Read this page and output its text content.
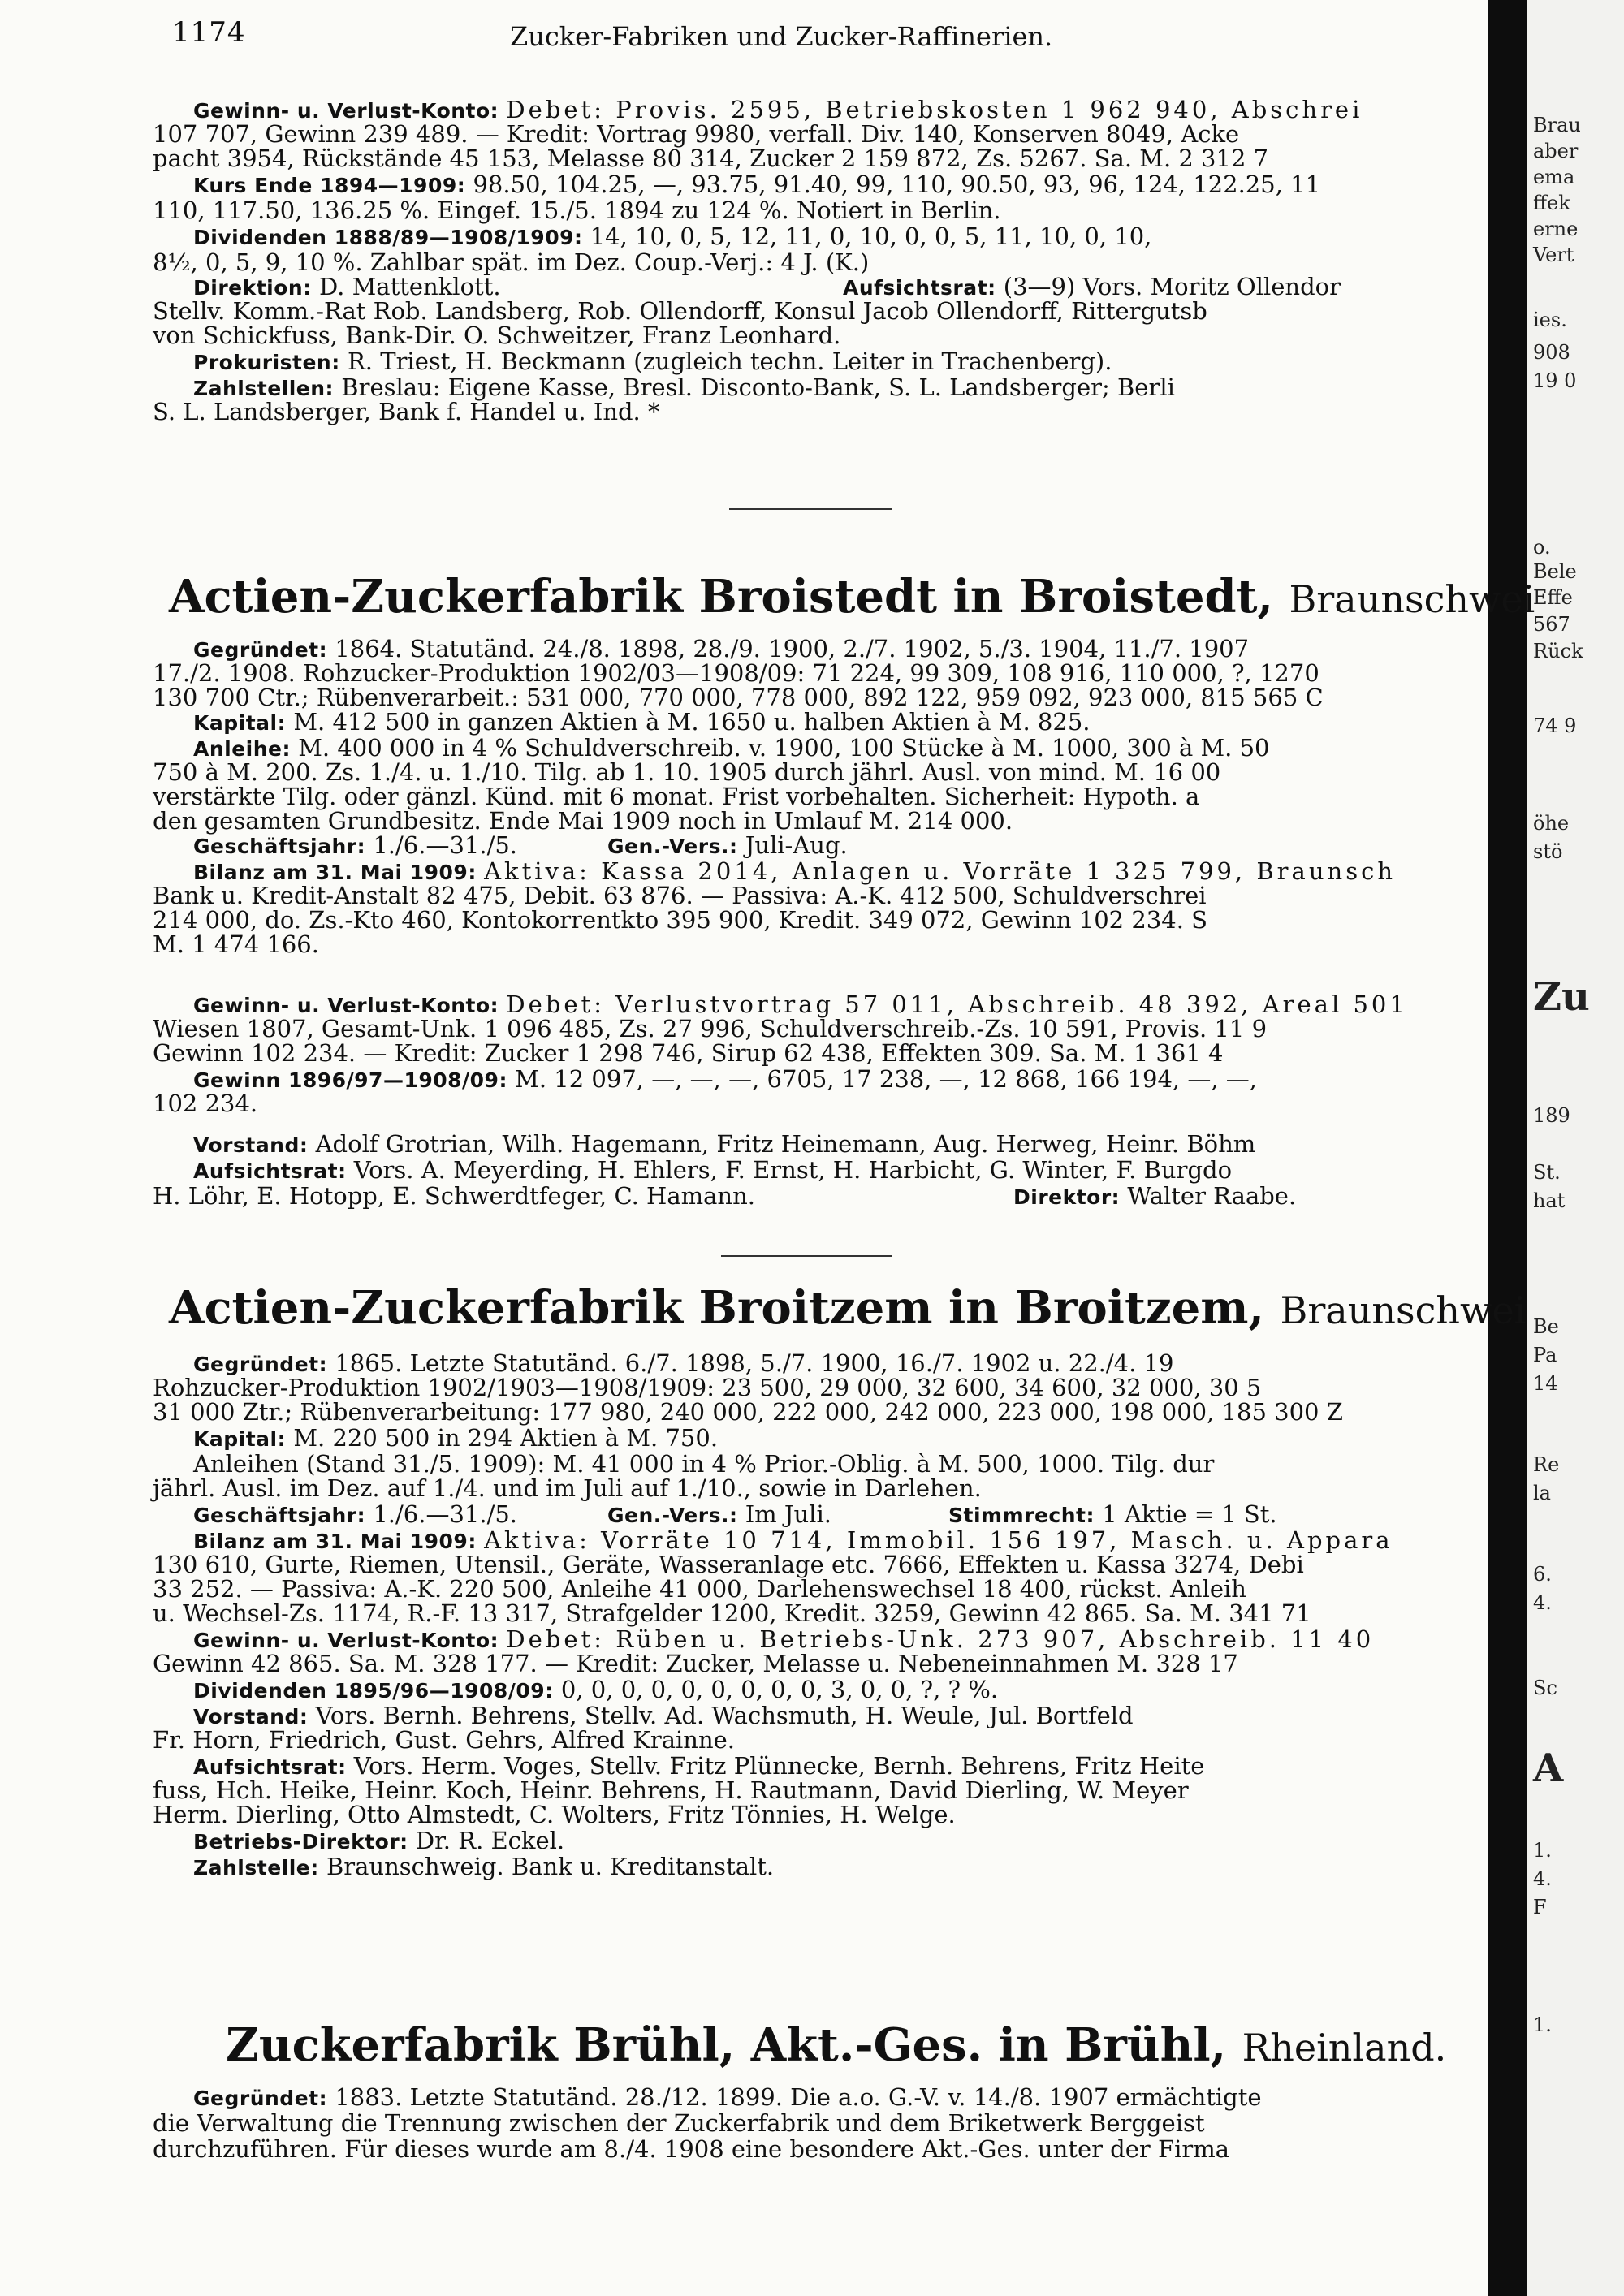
Brau
aber
ema
ffek
erne
Vert
ies.
908
19 0
o.
Bele
Effe
567
Rück
74 9
öhe
stö
Zu
189
St.
hat
Be
Pa
14
Re
la
6.
4.
Sc
A
1.
4.
F
1.
1174	Zucker-Fabriken und Zucker-Raffinerien.
Gewinn- u. Verlust-Konto: Debet: Provis. 2595, Betriebskosten 1 962 940, Abschrei
107 707, Gewinn 239 489. — Kredit: Vortrag 9980, verfall. Div. 140, Konserven 8049, Acke
pacht 3954, Rückstände 45 153, Melasse 80 314, Zucker 2 159 872, Zs. 5267. Sa. M. 2 312 7
Kurs Ende 1894—1909: 98.50, 104.25, —, 93.75, 91.40, 99, 110, 90.50, 93, 96, 124, 122.25, 11
110, 117.50, 136.25 %. Eingef. 15./5. 1894 zu 124 %. Notiert in Berlin.
Dividenden 1888/89—1908/1909: 14, 10, 0, 5, 12, 11, 0, 10, 0, 0, 5, 11, 10, 0, 10,
8½, 0, 5, 9, 10 %. Zahlbar spät. im Dez. Coup.-Verj.: 4 J. (K.)
Direktion: D. Mattenklott.	Aufsichtsrat: (3—9) Vors. Moritz Ollendor
Stellv. Komm.-Rat Rob. Landsberg, Rob. Ollendorff, Konsul Jacob Ollendorff, Rittergutsb
von Schickfuss, Bank-Dir. O. Schweitzer, Franz Leonhard.
Prokuristen: R. Triest, H. Beckmann (zugleich techn. Leiter in Trachenberg).
Zahlstellen: Breslau: Eigene Kasse, Bresl. Disconto-Bank, S. L. Landsberger; Berli
S. L. Landsberger, Bank f. Handel u. Ind. *
Actien-Zuckerfabrik Broistedt in Broistedt, Braunschwei
Gegründet: 1864. Statutänd. 24./8. 1898, 28./9. 1900, 2./7. 1902, 5./3. 1904, 11./7. 1907
17./2. 1908. Rohzucker-Produktion 1902/03—1908/09: 71 224, 99 309, 108 916, 110 000, ?, 1270
130 700 Ctr.; Rübenverarbeit.: 531 000, 770 000, 778 000, 892 122, 959 092, 923 000, 815 565 C
Kapital: M. 412 500 in ganzen Aktien à M. 1650 u. halben Aktien à M. 825.
Anleihe: M. 400 000 in 4 % Schuldverschreib. v. 1900, 100 Stücke à M. 1000, 300 à M. 50
750 à M. 200. Zs. 1./4. u. 1./10. Tilg. ab 1. 10. 1905 durch jährl. Ausl. von mind. M. 16 00
verstärkte Tilg. oder gänzl. Künd. mit 6 monat. Frist vorbehalten. Sicherheit: Hypoth. a
den gesamten Grundbesitz. Ende Mai 1909 noch in Umlauf M. 214 000.
Geschäftsjahr: 1./6.—31./5.	Gen.-Vers.: Juli-Aug.
Bilanz am 31. Mai 1909: Aktiva: Kassa 2014, Anlagen u. Vorräte 1 325 799, Braunsch
Bank u. Kredit-Anstalt 82 475, Debit. 63 876. — Passiva: A.-K. 412 500, Schuldverschrei
214 000, do. Zs.-Kto 460, Kontokorrentkto 395 900, Kredit. 349 072, Gewinn 102 234. S
M. 1 474 166.
Gewinn- u. Verlust-Konto: Debet: Verlustvortrag 57 011, Abschreib. 48 392, Areal 501
Wiesen 1807, Gesamt-Unk. 1 096 485, Zs. 27 996, Schuldverschreib.-Zs. 10 591, Provis. 11 9
Gewinn 102 234. — Kredit: Zucker 1 298 746, Sirup 62 438, Effekten 309. Sa. M. 1 361 4
Gewinn 1896/97—1908/09: M. 12 097, —, —, —, 6705, 17 238, —, 12 868, 166 194, —, —,
102 234.
Vorstand: Adolf Grotrian, Wilh. Hagemann, Fritz Heinemann, Aug. Herweg, Heinr. Böhm
Aufsichtsrat: Vors. A. Meyerding, H. Ehlers, F. Ernst, H. Harbicht, G. Winter, F. Burgdo
H. Löhr, E. Hotopp, E. Schwerdtfeger, C. Hamann.	Direktor: Walter Raabe.
Actien-Zuckerfabrik Broitzem in Broitzem, Braunschwei
Gegründet: 1865. Letzte Statutänd. 6./7. 1898, 5./7. 1900, 16./7. 1902 u. 22./4. 19
Rohzucker-Produktion 1902/1903—1908/1909: 23 500, 29 000, 32 600, 34 600, 32 000, 30 5
31 000 Ztr.; Rübenverarbeitung: 177 980, 240 000, 222 000, 242 000, 223 000, 198 000, 185 300 Z
Kapital: M. 220 500 in 294 Aktien à M. 750.
Anleihen (Stand 31./5. 1909): M. 41 000 in 4 % Prior.-Oblig. à M. 500, 1000. Tilg. dur
jährl. Ausl. im Dez. auf 1./4. und im Juli auf 1./10., sowie in Darlehen.
Geschäftsjahr: 1./6.—31./5.	Gen.-Vers.: Im Juli.	Stimmrecht: 1 Aktie = 1 St.
Bilanz am 31. Mai 1909: Aktiva: Vorräte 10 714, Immobil. 156 197, Masch. u. Appara
130 610, Gurte, Riemen, Utensil., Geräte, Wasseranlage etc. 7666, Effekten u. Kassa 3274, Debi
33 252. — Passiva: A.-K. 220 500, Anleihe 41 000, Darlehenswechsel 18 400, rückst. Anleih
u. Wechsel-Zs. 1174, R.-F. 13 317, Strafgelder 1200, Kredit. 3259, Gewinn 42 865. Sa. M. 341 71
Gewinn- u. Verlust-Konto: Debet: Rüben u. Betriebs-Unk. 273 907, Abschreib. 11 40
Gewinn 42 865. Sa. M. 328 177. — Kredit: Zucker, Melasse u. Nebeneinnahmen M. 328 17
Dividenden 1895/96—1908/09: 0, 0, 0, 0, 0, 0, 0, 0, 0, 3, 0, 0, ?, ? %.
Vorstand: Vors. Bernh. Behrens, Stellv. Ad. Wachsmuth, H. Weule, Jul. Bortfeld
Fr. Horn, Friedrich, Gust. Gehrs, Alfred Krainne.
Aufsichtsrat: Vors. Herm. Voges, Stellv. Fritz Plünnecke, Bernh. Behrens, Fritz Heite
fuss, Hch. Heike, Heinr. Koch, Heinr. Behrens, H. Rautmann, David Dierling, W. Meyer
Herm. Dierling, Otto Almstedt, C. Wolters, Fritz Tönnies, H. Welge.
Betriebs-Direktor: Dr. R. Eckel.
Zahlstelle: Braunschweig. Bank u. Kreditanstalt.
Zuckerfabrik Brühl, Akt.-Ges. in Brühl, Rheinland.
Gegründet: 1883. Letzte Statutänd. 28./12. 1899. Die a.o. G.-V. v. 14./8. 1907 ermächtigte
die Verwaltung die Trennung zwischen der Zuckerfabrik und dem Briketwerk Berggeist
durchzuführen. Für dieses wurde am 8./4. 1908 eine besondere Akt.-Ges. unter der Firma
